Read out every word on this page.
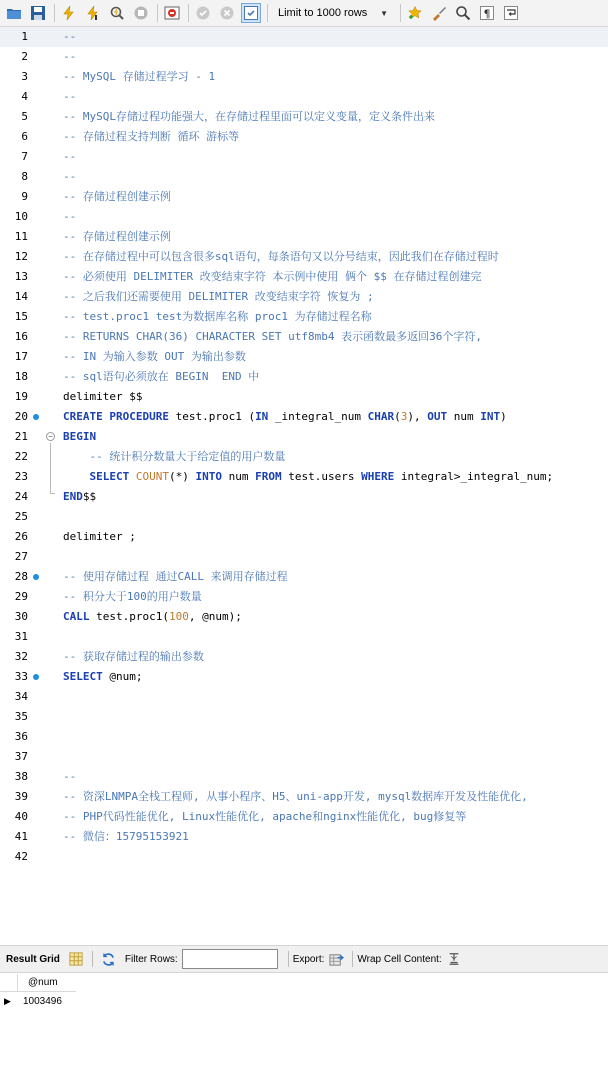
Limit to 1000 rows ▼	¶
1	--
2	--
3	-- MySQL 存储过程学习 - 1
4	--
5	-- MySQL存储过程功能强大，在存储过程里面可以定义变量，定义条件出来
6	-- 存储过程支持判断 循环 游标等
7	--
8	--
9	-- 存储过程创建示例
10	--
11	-- 存储过程创建示例
12	-- 在存储过程中可以包含很多sql语句，每条语句又以分号结束，因此我们在存储过程时
13	-- 必须使用 DELIMITER 改变结束字符 本示例中使用 俩个 $$ 在存储过程创建完
14	-- 之后我们还需要使用 DELIMITER 改变结束字符 恢复为 ;
15	-- test.proc1 test为数据库名称 proc1 为存储过程名称
16	-- RETURNS CHAR(36) CHARACTER SET utf8mb4 表示函数最多返回36个字符,
17	-- IN 为输入参数 OUT 为输出参数
18	-- sql语句必须放在 BEGIN  END 中
19	delimiter $$
20	CREATE PROCEDURE test.proc1 (IN _integral_num CHAR(3), OUT num INT)
21	− BEGIN
22	-- 统计积分数量大于给定值的用户数量
23	SELECT COUNT(*) INTO num FROM test.users WHERE integral>_integral_num;
24	END$$
25
26	delimiter ;
27
28	-- 使用存储过程 通过CALL 来调用存储过程
29	-- 积分大于100的用户数量
30	CALL test.proc1(100, @num);
31
32	-- 获取存储过程的输出参数
33	SELECT @num;
34
35
36
37
38	--
39	-- 资深LNMPA全栈工程师, 从事小程序、H5、uni-app开发, mysql数据库开发及性能优化,
40	-- PHP代码性能优化, Linux性能优化, apache和nginx性能优化, bug修复等
41	-- 微信：15795153921
42
Result Grid	Filter Rows:	Export:	Wrap Cell Content:
@num
▶ 1003496
